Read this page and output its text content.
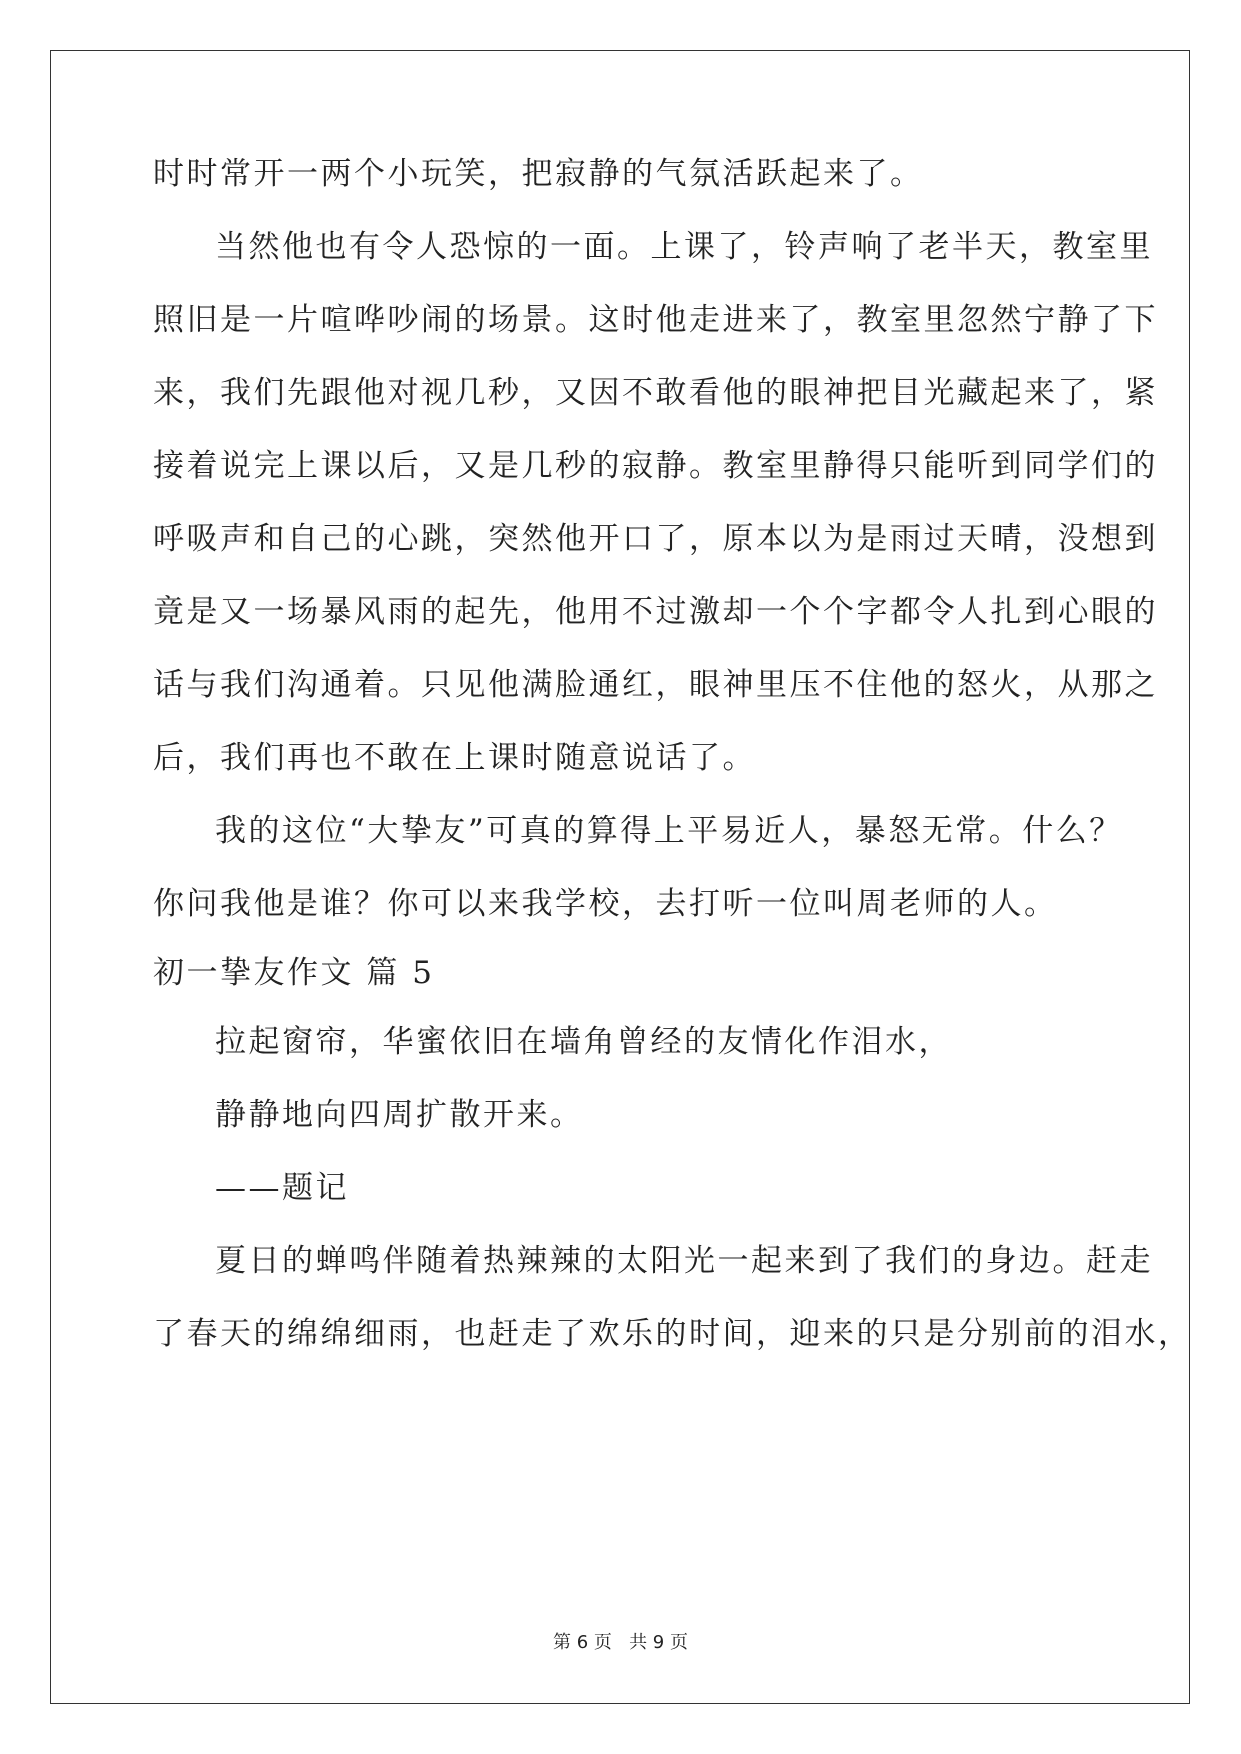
时时常开一两个小玩笑，把寂静的气氛活跃起来了。
当然他也有令人恐惊的一面。上课了，铃声响了老半天，教室里
照旧是一片喧哗吵闹的场景。这时他走进来了，教室里忽然宁静了下
来，我们先跟他对视几秒，又因不敢看他的眼神把目光藏起来了，紧
接着说完上课以后，又是几秒的寂静。教室里静得只能听到同学们的
呼吸声和自己的心跳，突然他开口了，原本以为是雨过天晴，没想到
竟是又一场暴风雨的起先，他用不过激却一个个字都令人扎到心眼的
话与我们沟通着。只见他满脸通红，眼神里压不住他的怒火，从那之
后，我们再也不敢在上课时随意说话了。
我的这位“大挚友”可真的算得上平易近人，暴怒无常。什么？
你问我他是谁？你可以来我学校，去打听一位叫周老师的人。
初一挚友作文 篇 5
拉起窗帘，华蜜依旧在墙角曾经的友情化作泪水，
静静地向四周扩散开来。
——题记
夏日的蝉鸣伴随着热辣辣的太阳光一起来到了我们的身边。赶走
了春天的绵绵细雨，也赶走了欢乐的时间，迎来的只是分别前的泪水，
第 6 页   共 9 页
